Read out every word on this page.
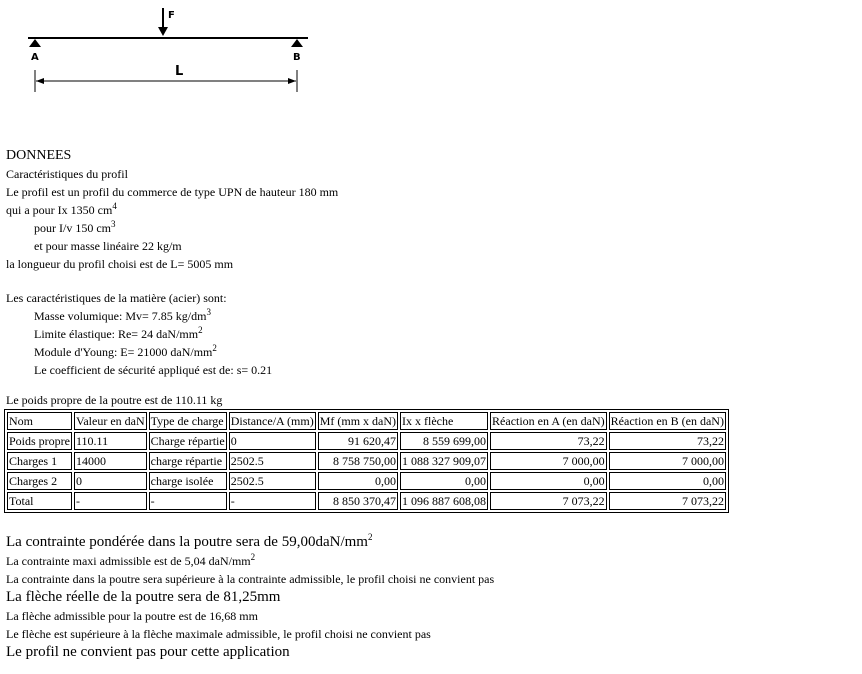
F
A	B
L
DONNEES
Caractéristiques du profil
Le profil est un profil du commerce de type UPN de hauteur 180 mm
qui a pour Ix 1350 $cm^4$
pour I/v 150 $cm^3$
et pour masse linéaire 22 kg/m
la longueur du profil choisi est de L= 5005 mm
Les caractéristiques de la matière (acier) sont:
Masse volumique: Mv= 7.85 $kg/dm^3$
Limite élastique: Re= 24 daN/$mm^2$
Module d'Young: E= 21000 daN/$mm^2$
Le coefficient de sécurité appliqué est de: s= 0.21
Le poids propre de la poutre est de 110.11 kg
Nom	Valeur en daN	Type de charge	Distance/A (mm)	Mf (mm x daN)	Ix x flèche	Réaction en A (en daN)	Réaction en B (en daN)
Poids propre	110.11	Charge répartie	0	91 620,47	8 559 699,00	73,22	73,22
Charges 1	14000	charge répartie	2502.5	8 758 750,00	1 088 327 909,07	7 000,00	7 000,00
Charges 2	0	charge isolée	2502.5	0,00	0,00	0,00	0,00
Total	-	-	-	8 850 370,47	1 096 887 608,08	7 073,22	7 073,22
La contrainte pondérée dans la poutre sera de $59,00daN/mm^2$
La contrainte maxi admissible est de 5,04 daN/$mm^2$
La contrainte dans la poutre sera supérieure à la contrainte admissible, le profil choisi ne convient pas
La flèche réelle de la poutre sera de 81,25mm
La flèche admissible pour la poutre est de 16,68 mm
Le flèche est supérieure à la flèche maximale admissible, le profil choisi ne convient pas
Le profil ne convient pas pour cette application
